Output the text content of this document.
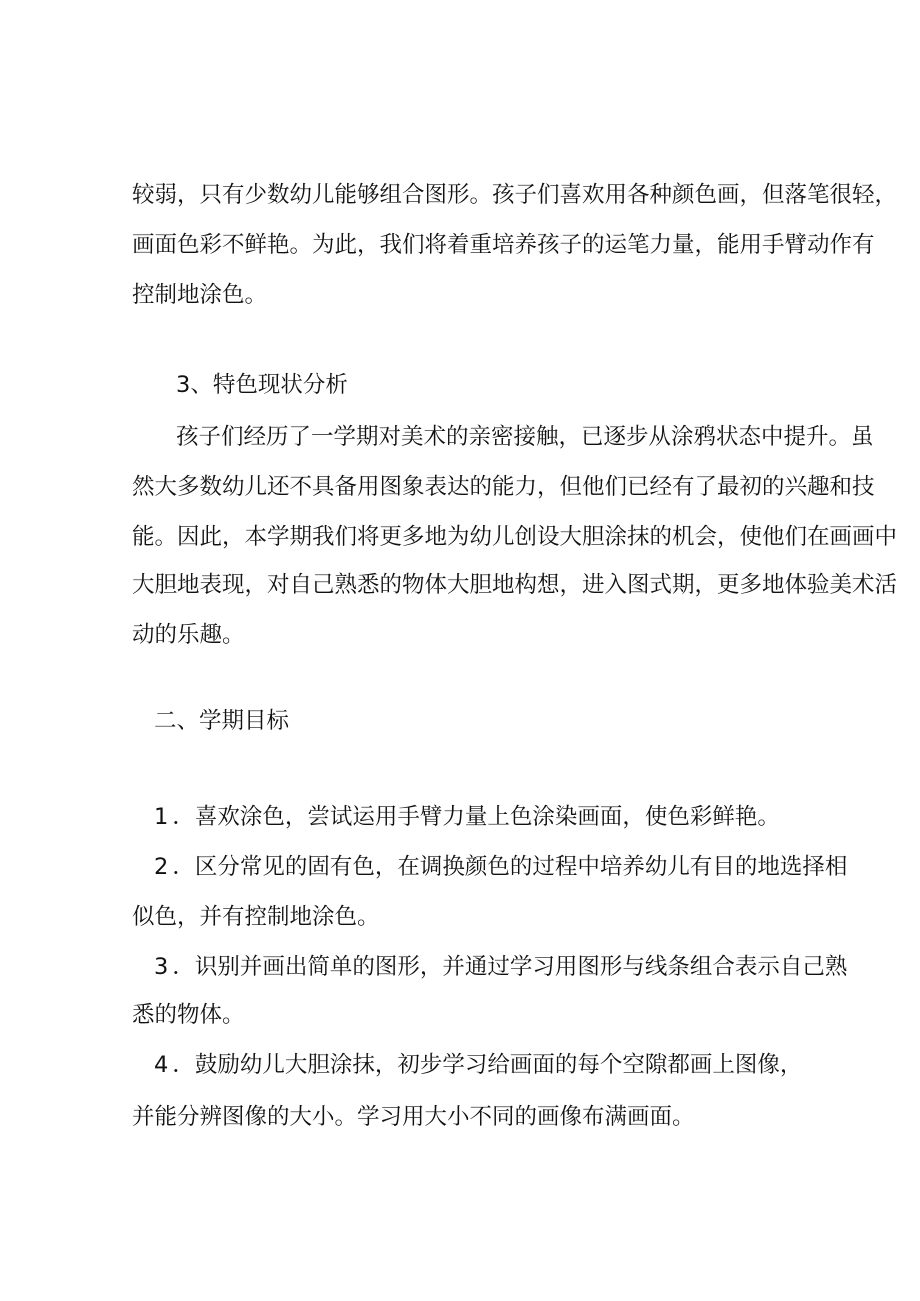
较弱，只有少数幼儿能够组合图形。孩子们喜欢用各种颜色画，但落笔很轻，
画面色彩不鲜艳。为此，我们将着重培养孩子的运笔力量，能用手臂动作有
控制地涂色。
3、特色现状分析
孩子们经历了一学期对美术的亲密接触，已逐步从涂鸦状态中提升。虽
然大多数幼儿还不具备用图象表达的能力，但他们已经有了最初的兴趣和技
能。因此，本学期我们将更多地为幼儿创设大胆涂抹的机会，使他们在画画中
大胆地表现，对自己熟悉的物体大胆地构想，进入图式期，更多地体验美术活
动的乐趣。
二、学期目标
1 ．喜欢涂色，尝试运用手臂力量上色涂染画面，使色彩鲜艳。
2 ．区分常见的固有色，在调换颜色的过程中培养幼儿有目的地选择相
似色，并有控制地涂色。
3 ．识别并画出简单的图形，并通过学习用图形与线条组合表示自己熟
悉的物体。
4 ．鼓励幼儿大胆涂抹，初步学习给画面的每个空隙都画上图像，
并能分辨图像的大小。学习用大小不同的画像布满画面。
